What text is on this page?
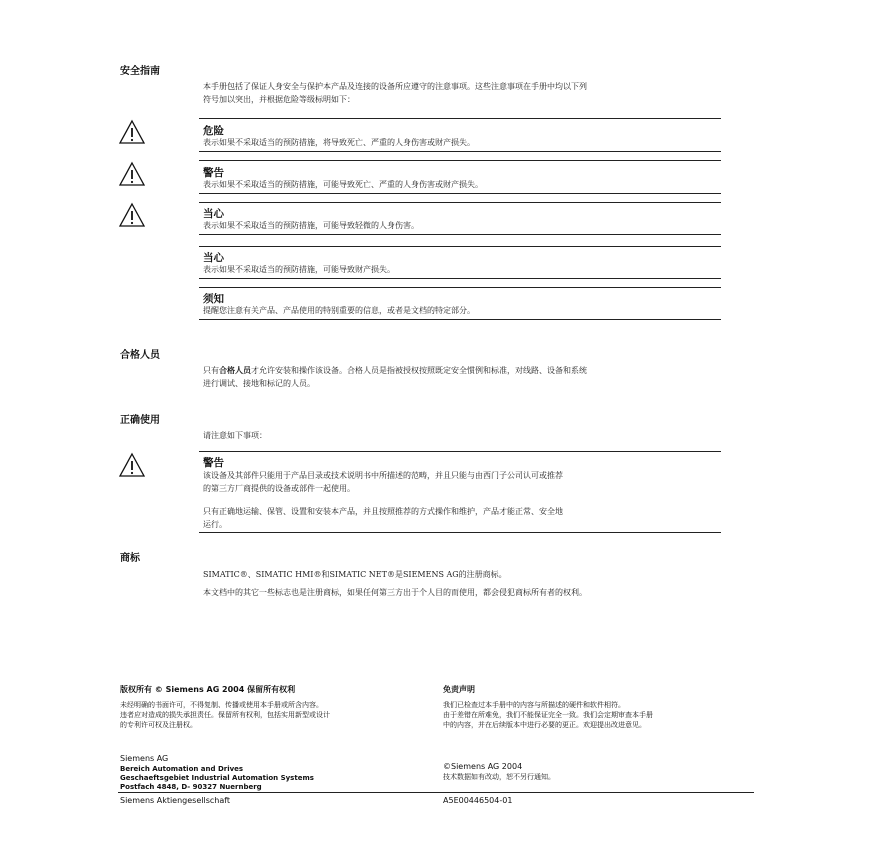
安全指南
本手册包括了保证人身安全与保护本产品及连接的设备所应遵守的注意事项。这些注意事项在手册中均以下列
符号加以突出，并根据危险等级标明如下：
危险
表示如果不采取适当的预防措施，将导致死亡、严重的人身伤害或财产损失。
警告
表示如果不采取适当的预防措施，可能导致死亡、严重的人身伤害或财产损失。
当心
表示如果不采取适当的预防措施，可能导致轻微的人身伤害。
当心
表示如果不采取适当的预防措施，可能导致财产损失。
须知
提醒您注意有关产品、产品使用的特别重要的信息，或者是文档的特定部分。
合格人员
只有合格人员才允许安装和操作该设备。合格人员是指被授权按照既定安全惯例和标准，对线路、设备和系统
进行调试、接地和标记的人员。
正确使用
请注意如下事项：
警告
该设备及其部件只能用于产品目录或技术说明书中所描述的范畴，并且只能与由西门子公司认可或推荐
的第三方厂商提供的设备或部件一起使用。
只有正确地运输、保管、设置和安装本产品，并且按照推荐的方式操作和维护，产品才能正常、安全地
运行。
商标
SIMATIC®、SIMATIC HMI®和SIMATIC NET®是SIEMENS AG的注册商标。
本文档中的其它一些标志也是注册商标，如果任何第三方出于个人目的而使用，都会侵犯商标所有者的权利。
版权所有 © Siemens AG 2004 保留所有权利
未经明确的书面许可，不得复制、传播或使用本手册或所含内容。
违者应对造成的损失承担责任。保留所有权利，包括实用新型或设计
的专利许可权及注册权。
免责声明
我们已检查过本手册中的内容与所描述的硬件和软件相符。
由于差错在所难免，我们不能保证完全一致。我们会定期审查本手册
中的内容，并在后续版本中进行必要的更正。欢迎提出改进意见。
Siemens AG
Bereich Automation and Drives
Geschaeftsgebiet Industrial Automation Systems
Postfach 4848, D- 90327 Nuernberg
©Siemens AG 2004
技术数据如有改动，恕不另行通知。
Siemens Aktiengesellschaft	A5E00446504-01
